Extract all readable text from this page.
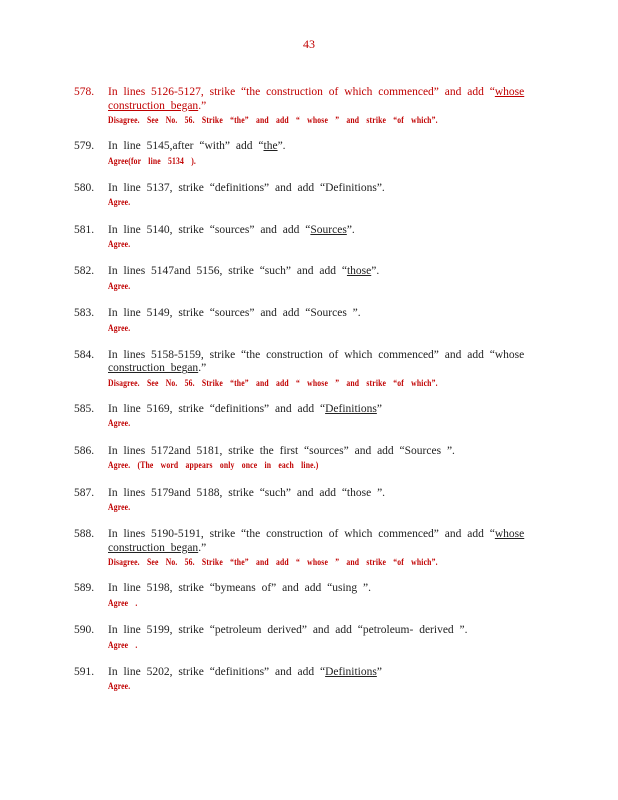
43
578. In lines 5126-5127, strike “the construction of which commenced” and add “whose construction began.”
Disagree. See No. 56. Strike “the” and add “ whose ” and strike “of which”.
579. In line 5145,after “with” add “the”.
Agree(for line 5134 ).
580. In line 5137, strike “definitions” and add “Definitions”.
Agree.
581. In line 5140, strike “sources” and add “Sources”.
Agree.
582. In lines 5147and 5156, strike “such” and add “those”.
Agree.
583. In line 5149, strike “sources” and add “Sources ”.
Agree.
584. In lines 5158-5159, strike “the construction of which commenced” and add “whose construction began.”
Disagree. See No. 56. Strike “the” and add “ whose ” and strike “of which”.
585. In line 5169, strike “definitions” and add “Definitions”
Agree.
586. In lines 5172and 5181, strike the first “sources” and add “Sources ”.
Agree. (The word appears only once in each line.)
587. In lines 5179and 5188, strike “such” and add “those ”.
Agree.
588. In lines 5190-5191, strike “the construction of which commenced” and add “whose construction began.”
Disagree. See No. 56. Strike “the” and add “ whose ” and strike “of which”.
589. In line 5198, strike “bymeans of” and add “using ”.
Agree .
590. In line 5199, strike “petroleum derived” and add “petroleum- derived ”.
Agree .
591. In line 5202, strike “definitions” and add “Definitions”
Agree.
